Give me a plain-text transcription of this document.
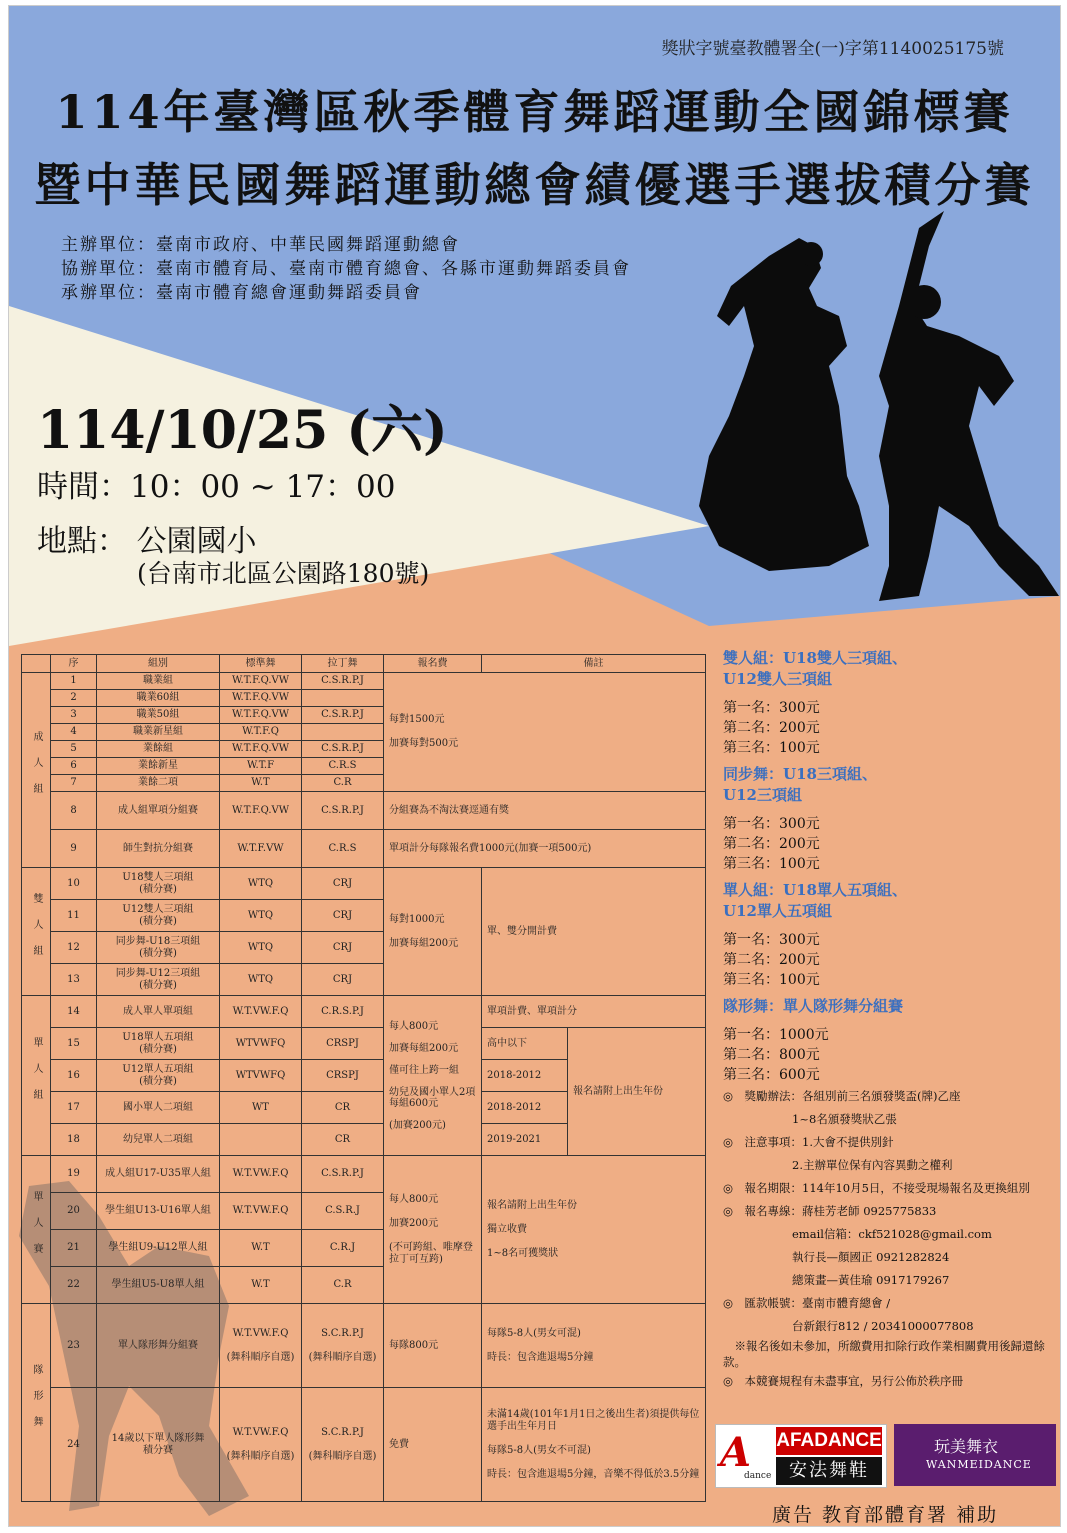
獎狀字號臺教體署全(一)字第1140025175號
114年臺灣區秋季體育舞蹈運動全國錦標賽
暨中華民國舞蹈運動總會績優選手選拔積分賽
主辦單位：臺南市政府、中華民國舞蹈運動總會
協辦單位：臺南市體育局、臺南市體育總會、各縣市運動舞蹈委員會
承辦單位：臺南市體育總會運動舞蹈委員會
114/10/25 (六)
時間：10：00 ~ 17：00
地點： 公園國小
(台南市北區公園路180號)
	序	組別	標準舞	拉丁舞	報名費	備註	
成人組	1	職業組	W.T.F.Q.VW	C.S.R.P.J	每對1500元

加賽每對500元		
	2	職業60組	W.T.F.Q.VW				
	3	職業50組	W.T.F.Q.VW	C.S.R.P.J			
	4	職業新星組	W.T.F.Q				
	5	業餘組	W.T.F.Q.VW	C.S.R.P.J			
	6	業餘新星	W.T.F	C.R.S			
	7	業餘二項	W.T	C.R			
	8	成人組單項分組賽	W.T.F.Q.VW	C.S.R.P.J	分組賽為不淘汰賽逕通有獎		
	9	師生對抗分組賽	W.T.F.VW	C.R.S	單項計分每隊報名費1000元(加賽一項500元)		
雙人組	10	U18雙人三項組
(積分賽)	WTQ	CRJ	每對1000元

加賽每組200元	單、雙分開計費	
	11	U12雙人三項組
(積分賽)	WTQ	CRJ			
	12	同步舞-U18三項組
(積分賽)	WTQ	CRJ			
	13	同步舞-U12三項組
(積分賽)	WTQ	CRJ			
單人組	14	成人單人單項組	W.T.VW.F.Q	C.R.S.P.J	每人800元

加賽每組200元

僅可往上跨一組

幼兒及國小單人2項每組600元

(加賽200元)	單項計費、單項計分	
	15	U18單人五項組
(積分賽)	WTVWFQ	CRSPJ		高中以下	報名請附上出生年份
	16	U12單人五項組
(積分賽)	WTVWFQ	CRSPJ		2018-2012	
	17	國小單人二項組	WT	CR		2018-2012	
	18	幼兒單人二項組		CR		2019-2021	
單人賽	19	成人組U17-U35單人組	W.T.VW.F.Q	C.S.R.P.J	每人800元

加賽200元

(不可跨組、唯摩登拉丁可互跨)	報名請附上出生年份

獨立收費

1~8名可獲獎狀	
	20	學生組U13-U16單人組	W.T.VW.F.Q	C.S.R.J			
	21	學生組U9-U12單人組	W.T	C.R.J			
	22	學生組U5-U8單人組	W.T	C.R			
隊形舞	23	單人隊形舞分組賽	W.T.VW.F.Q

(舞科順序自選)	S.C.R.P.J

(舞科順序自選)	每隊800元	每隊5-8人(男女可混)

時長：包含進退場5分鐘	
	24	14歲以下單人隊形舞
積分賽	W.T.VW.F.Q

(舞科順序自選)	S.C.R.P.J

(舞科順序自選)	免費	未滿14歲(101年1月1日之後出生者)須提供每位選手出生年月日

每隊5-8人(男女不可混)

時長：包含進退場5分鐘，音樂不得低於3.5分鐘	
雙人組：U18雙人三項組、
U12雙人三項組
第一名：300元
第二名：200元
第三名：100元
同步舞：U18三項組、
U12三項組
第一名：300元
第二名：200元
第三名：100元
單人組：U18單人五項組、
U12單人五項組
第一名：300元
第二名：200元
第三名：100元
隊形舞：單人隊形舞分組賽
第一名：1000元
第二名：800元
第三名：600元
◎　獎勵辦法：各組別前三名頒發獎盃(牌)乙座
　　　　　　1~8名頒發獎狀乙張
◎　注意事項：1.大會不提供別針
　　　　　　2.主辦單位保有內容異動之權利
◎　報名期限：114年10月5日，不接受現場報名及更換組別
◎　報名專線：蔣桂芳老師 0925775833
　　　　　　email信箱：ckf521028@gmail.com
　　　　　　執行長—顏國正 0921282824
　　　　　　總策畫—黃佳瑜 0917179267
◎　匯款帳號：臺南市體育總會 /
　　　　　　台新銀行812 / 20341000077808
　※報名後如未參加，所繳費用扣除行政作業相關費用後歸還餘款。
◎　本競賽規程有未盡事宜，另行公佈於秩序冊
A
dance
AFADANCE
安法舞鞋
玩美舞衣
WANMEIDANCE
廣告 教育部體育署 補助
